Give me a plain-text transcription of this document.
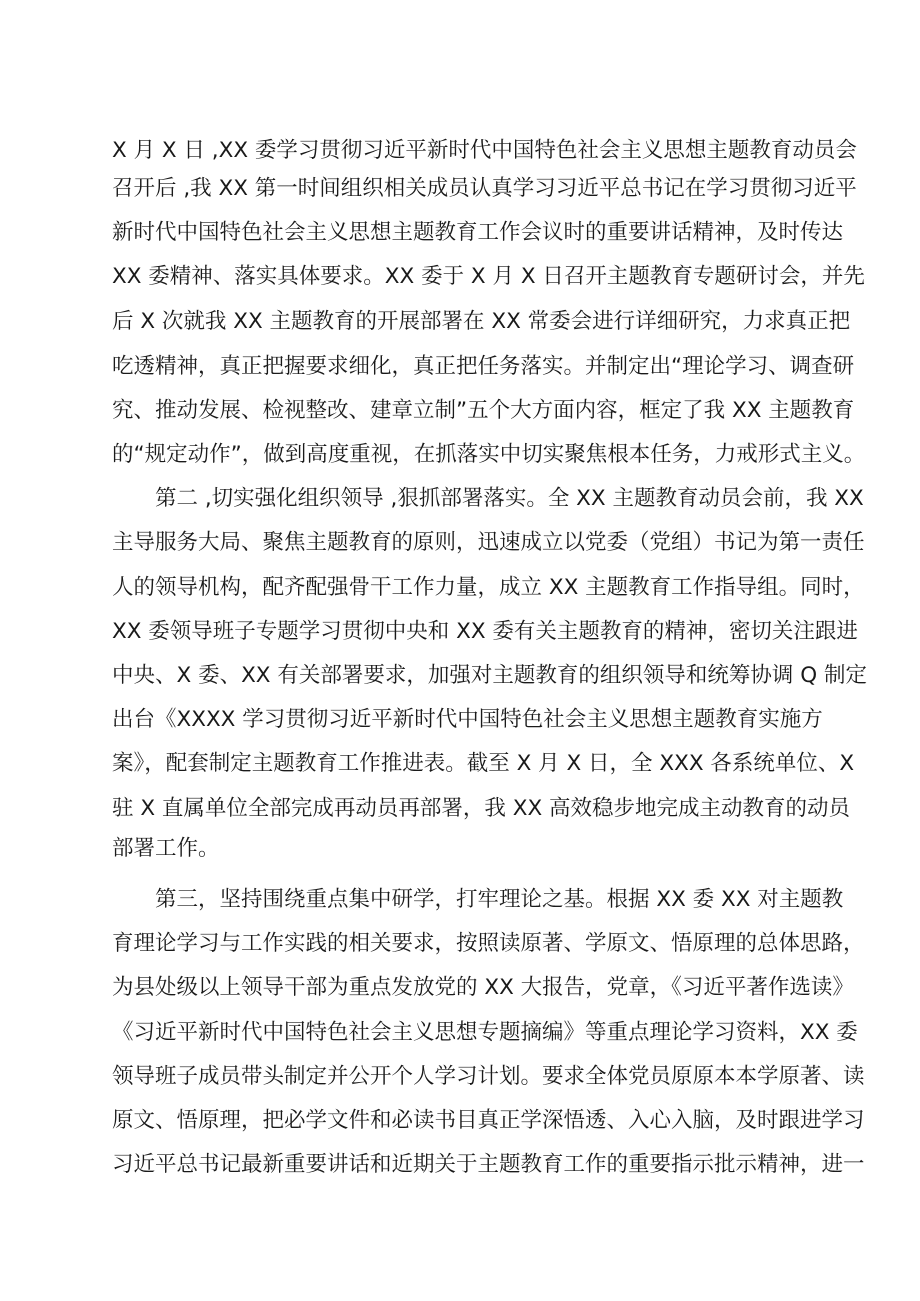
X 月 X 日 ,XX 委学习贯彻习近平新时代中国特色社会主义思想主题教育动员会
召开后 ,我 XX 第一时间组织相关成员认真学习习近平总书记在学习贯彻习近平
新时代中国特色社会主义思想主题教育工作会议时的重要讲话精神，及时传达
XX 委精神、落实具体要求。XX 委于 X 月 X 日召开主题教育专题研讨会，并先
后 X 次就我 XX 主题教育的开展部署在 XX 常委会进行详细研究，力求真正把
吃透精神，真正把握要求细化，真正把任务落实。并制定出“理论学习、调查研
究、推动发展、检视整改、建章立制”五个大方面内容，框定了我 XX 主题教育
的“规定动作”，做到高度重视，在抓落实中切实聚焦根本任务，力戒形式主义。
第二 ,切实强化组织领导 ,狠抓部署落实。全 XX 主题教育动员会前，我 XX
主导服务大局、聚焦主题教育的原则，迅速成立以党委（党组）书记为第一责任
人的领导机构，配齐配强骨干工作力量，成立 XX 主题教育工作指导组。同时，
XX 委领导班子专题学习贯彻中央和 XX 委有关主题教育的精神，密切关注跟进
中央、X 委、XX 有关部署要求，加强对主题教育的组织领导和统筹协调 Q 制定
出台《XXXX 学习贯彻习近平新时代中国特色社会主义思想主题教育实施方
案》，配套制定主题教育工作推进表。截至 X 月 X 日，全 XXX 各系统单位、X
驻 X 直属单位全部完成再动员再部署，我 XX 高效稳步地完成主动教育的动员
部署工作。
第三，坚持围绕重点集中研学，打牢理论之基。根据 XX 委 XX 对主题教
育理论学习与工作实践的相关要求，按照读原著、学原文、悟原理的总体思路，
为县处级以上领导干部为重点发放党的 XX 大报告，党章，《习近平著作选读》
《习近平新时代中国特色社会主义思想专题摘编》等重点理论学习资料，XX 委
领导班子成员带头制定并公开个人学习计划。要求全体党员原原本本学原著、读
原文、悟原理，把必学文件和必读书目真正学深悟透、入心入脑，及时跟进学习
习近平总书记最新重要讲话和近期关于主题教育工作的重要指示批示精神，进一
